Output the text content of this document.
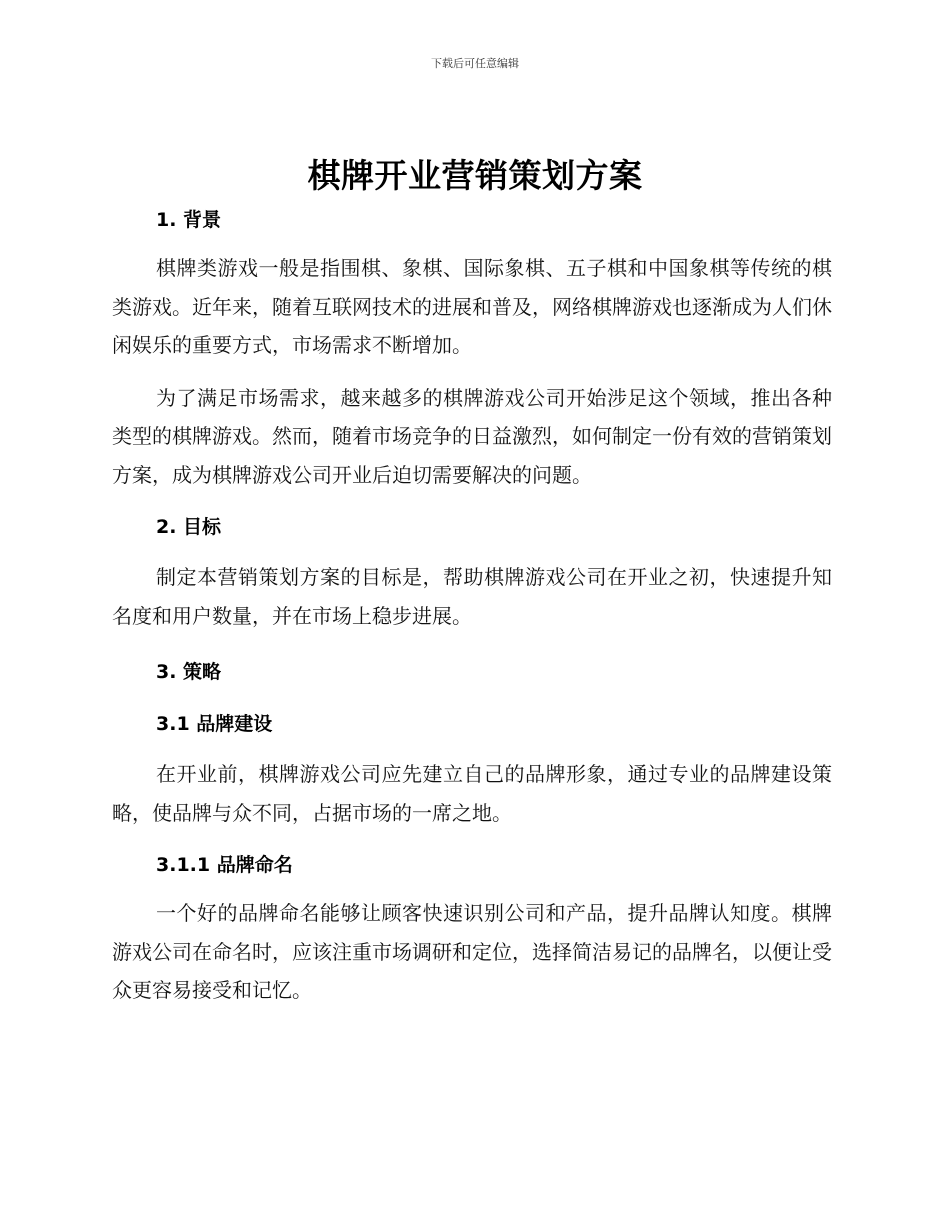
下载后可任意编辑
棋牌开业营销策划方案
1. 背景

棋牌类游戏一般是指围棋、象棋、国际象棋、五子棋和中国象棋等传统的棋类游戏。近年来，随着互联网技术的进展和普及，网络棋牌游戏也逐渐成为人们休闲娱乐的重要方式，市场需求不断增加。

为了满足市场需求，越来越多的棋牌游戏公司开始涉足这个领域，推出各种类型的棋牌游戏。然而，随着市场竞争的日益激烈，如何制定一份有效的营销策划方案，成为棋牌游戏公司开业后迫切需要解决的问题。

2. 目标

制定本营销策划方案的目标是，帮助棋牌游戏公司在开业之初，快速提升知名度和用户数量，并在市场上稳步进展。

3. 策略
3.1 品牌建设

在开业前，棋牌游戏公司应先建立自己的品牌形象，通过专业的品牌建设策略，使品牌与众不同，占据市场的一席之地。

3.1.1 品牌命名

一个好的品牌命名能够让顾客快速识别公司和产品，提升品牌认知度。棋牌游戏公司在命名时，应该注重市场调研和定位，选择简洁易记的品牌名，以便让受众更容易接受和记忆。
